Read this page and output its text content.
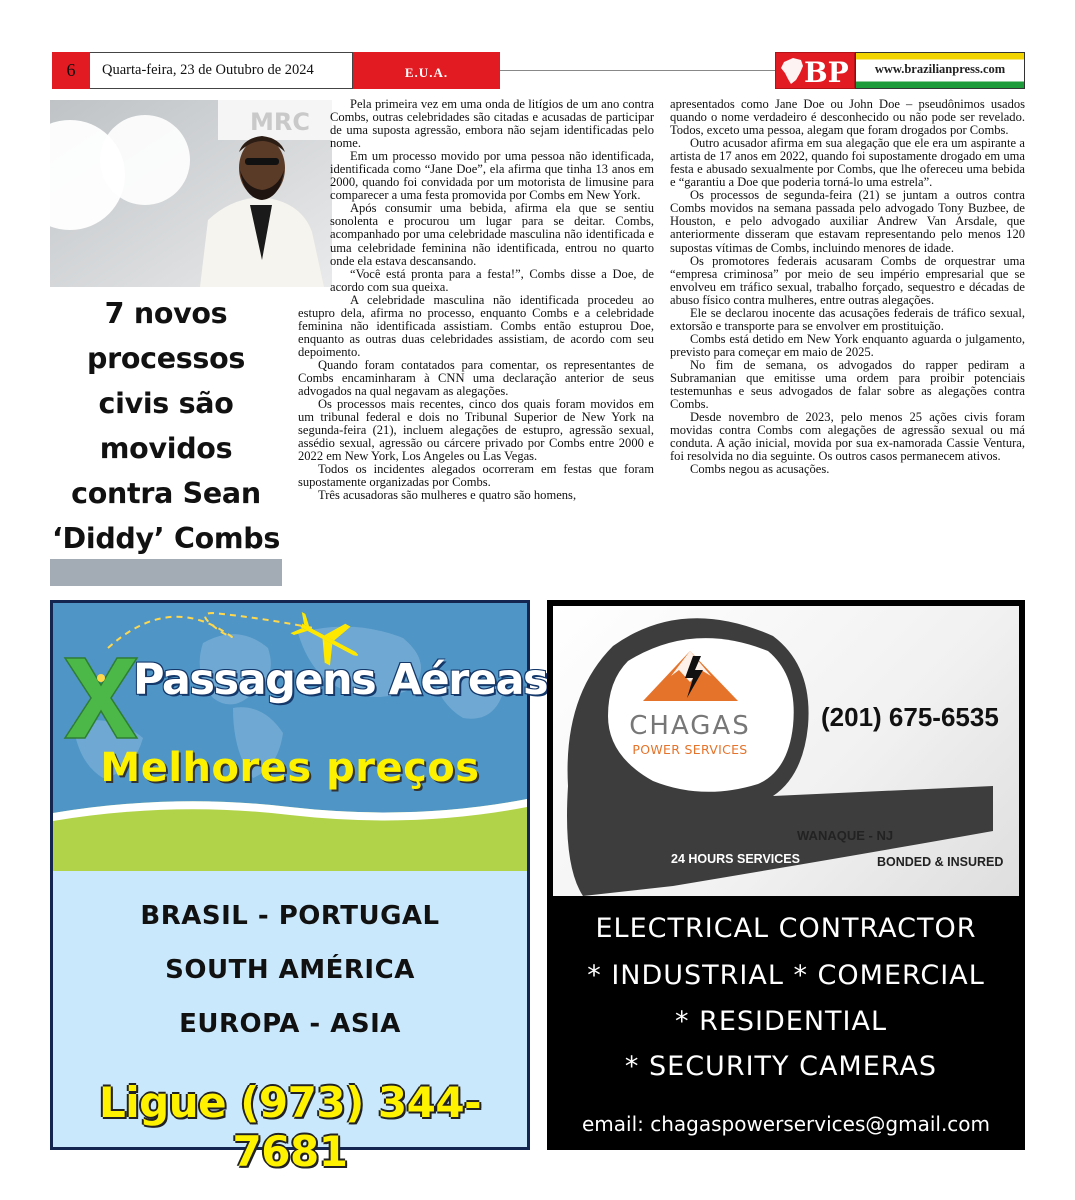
6	Quarta-feira, 23 de Outubro de 2024	E.U.A.	BP	www.brazilianpress.com
MRC
7 novos processos civis são movidos contra Sean ‘Diddy’ Combs

Pela primeira vez em uma onda de litígios de um ano contra Combs, outras celebridades são citadas e acusadas de participar de uma suposta agressão, embora não sejam identificadas pelo nome.

Em um processo movido por uma pessoa não identificada, identificada como “Jane Doe”, ela afirma que tinha 13 anos em 2000, quando foi convidada por um motorista de limusine para comparecer a uma festa promovida por Combs em New York.

Após consumir uma bebida, afirma ela que se sentiu sonolenta e procurou um lugar para se deitar. Combs, acompanhado por uma celebridade masculina não identificada e uma celebridade feminina não identificada, entrou no quarto onde ela estava descansando.

“Você está pronta para a festa!”, Combs disse a Doe, de acordo com sua queixa.

A celebridade masculina não identificada procedeu ao estupro dela, afirma no processo, enquanto Combs e a celebridade feminina não identificada assistiam. Combs então estuprou Doe, enquanto as outras duas celebridades assistiam, de acordo com seu depoimento.

Quando foram contatados para comentar, os representantes de Combs encaminharam à CNN uma declaração anterior de seus advogados na qual negavam as alegações.

Os processos mais recentes, cinco dos quais foram movidos em um tribunal federal e dois no Tribunal Superior de New York na segunda-feira (21), incluem alegações de estupro, agressão sexual, assédio sexual, agressão ou cárcere privado por Combs entre 2000 e 2022 em New York, Los Angeles ou Las Vegas.

Todos os incidentes alegados ocorreram em festas que foram supostamente organizadas por Combs.

Três acusadoras são mulheres e quatro são homens,

apresentados como Jane Doe ou John Doe – pseudônimos usados quando o nome verdadeiro é desconhecido ou não pode ser revelado. Todos, exceto uma pessoa, alegam que foram drogados por Combs.

Outro acusador afirma em sua alegação que ele era um aspirante a artista de 17 anos em 2022, quando foi supostamente drogado em uma festa e abusado sexualmente por Combs, que lhe ofereceu uma bebida e “garantiu a Doe que poderia torná-lo uma estrela”.

Os processos de segunda-feira (21) se juntam a outros contra Combs movidos na semana passada pelo advogado Tony Buzbee, de Houston, e pelo advogado auxiliar Andrew Van Arsdale, que anteriormente disseram que estavam representando pelo menos 120 supostas vítimas de Combs, incluindo menores de idade.

Os promotores federais acusaram Combs de orquestrar uma “empresa criminosa” por meio de seu império empresarial que se envolveu em tráfico sexual, trabalho forçado, sequestro e décadas de abuso físico contra mulheres, entre outras alegações.

Ele se declarou inocente das acusações federais de tráfico sexual, extorsão e transporte para se envolver em prostituição.

Combs está detido em New York enquanto aguarda o julgamento, previsto para começar em maio de 2025.

No fim de semana, os advogados do rapper pediram a Subramanian que emitisse uma ordem para proibir potenciais testemunhas e seus advogados de falar sobre as alegações contra Combs.

Desde novembro de 2023, pelo menos 25 ações civis foram movidas contra Combs com alegações de agressão sexual ou má conduta. A ação inicial, movida por sua ex-namorada Cassie Ventura, foi resolvida no dia seguinte. Os outros casos permanecem ativos.

Combs negou as acusações.

Passagens Aéreas
Melhores preços
BRASIL - PORTUGAL
SOUTH AMÉRICA
EUROPA - ASIA
Ligue (973) 344-7681
CHAGAS
POWER SERVICES
(201) 675-6535
WANAQUE - NJ
24 HOURS SERVICES	BONDED & INSURED
ELECTRICAL CONTRACTOR
* INDUSTRIAL * COMERCIAL
* RESIDENTIAL
* SECURITY CAMERAS
email: chagaspowerservices@gmail.com
